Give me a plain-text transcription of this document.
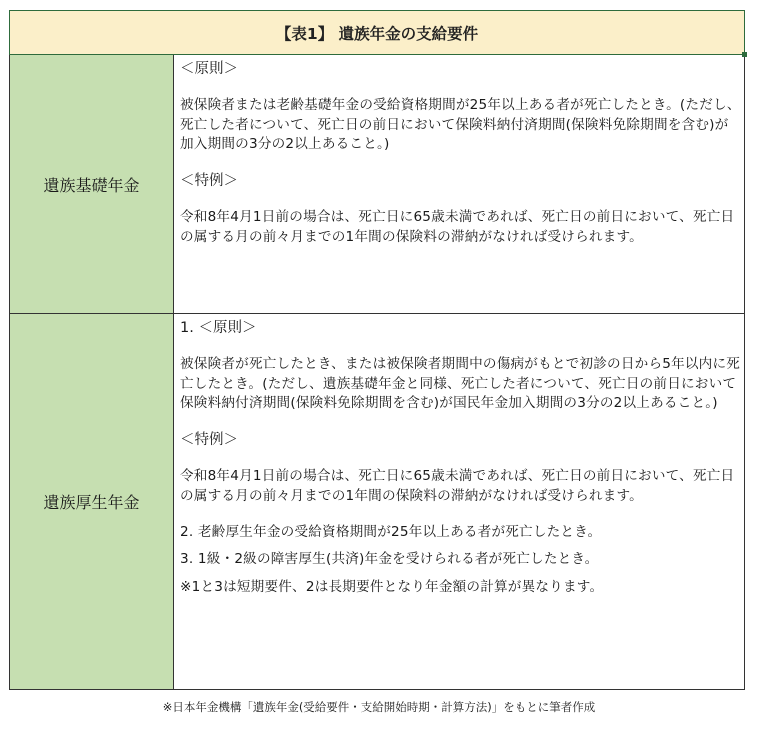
【表1】 遺族年金の支給要件
遺族基礎年金
＜原則＞
被保険者または老齢基礎年金の受給資格期間が25年以上ある者が死亡したとき。(ただし、死亡した者について、死亡日の前日において保険料納付済期間(保険料免除期間を含む)が加入期間の3分の2以上あること。)
＜特例＞
令和8年4月1日前の場合は、死亡日に65歳未満であれば、死亡日の前日において、死亡日の属する月の前々月までの1年間の保険料の滞納がなければ受けられます。
遺族厚生年金
1. ＜原則＞
被保険者が死亡したとき、または被保険者期間中の傷病がもとで初診の日から5年以内に死亡したとき。(ただし、遺族基礎年金と同様、死亡した者について、死亡日の前日において保険料納付済期間(保険料免除期間を含む)が国民年金加入期間の3分の2以上あること。)
＜特例＞
令和8年4月1日前の場合は、死亡日に65歳未満であれば、死亡日の前日において、死亡日の属する月の前々月までの1年間の保険料の滞納がなければ受けられます。
2. 老齢厚生年金の受給資格期間が25年以上ある者が死亡したとき。
3. 1級・2級の障害厚生(共済)年金を受けられる者が死亡したとき。
※1と3は短期要件、2は長期要件となり年金額の計算が異なります。
※日本年金機構「遺族年金(受給要件・支給開始時期・計算方法)」をもとに筆者作成
